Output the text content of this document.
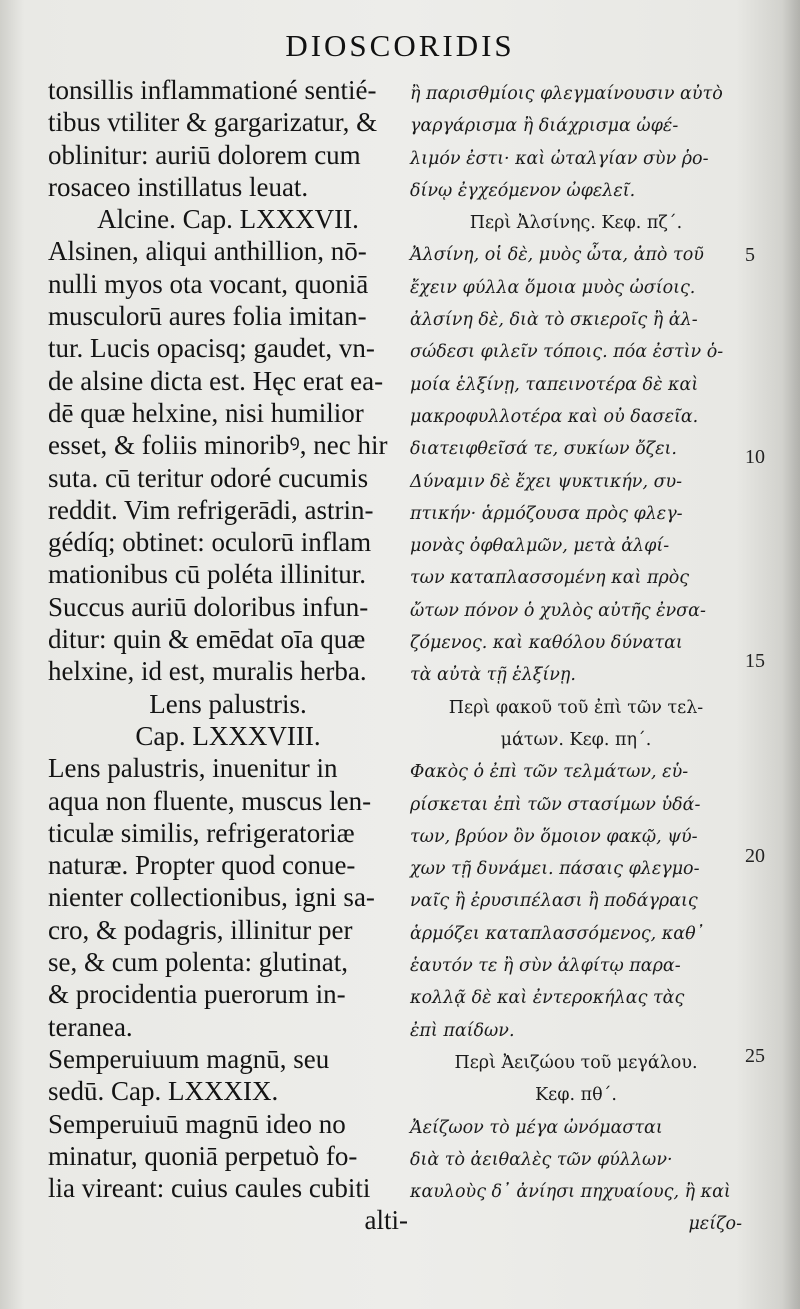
DIOSCORIDIS
tonsillis inflammationé sentié-
tibus vtiliter & gargarizatur, &
oblinitur: auriū dolorem cum
rosaceo instillatus leuat.
Alcine. Cap. LXXXVII.
Alsinen, aliqui anthillion, nō-
nulli myos ota vocant, quoniā
musculorū aures folia imitan-
tur. Lucis opacisq; gaudet, vn-
de alsine dicta est. Hęc erat ea-
dē quæ helxine, nisi humilior
esset, & foliis minoribꝰ, nec hir
suta. cū teritur odoré cucumis
reddit. Vim refrigerādi, astrin-
gédíq; obtinet: oculorū inflam
mationibus cū poléta illinitur.
Succus auriū doloribus infun-
ditur: quin & emēdat oīa quæ
helxine, id est, muralis herba.
Lens palustris.
Cap. LXXXVIII.
Lens palustris, inuenitur in
aqua non fluente, muscus len-
ticulæ similis, refrigeratoriæ
naturæ. Propter quod conue-
nienter collectionibus, igni sa-
cro, & podagris, illinitur per
se, & cum polenta: glutinat,
& procidentia puerorum in-
teranea.
Semperuiuum magnū, seu
sedū. Cap. LXXXIX.
Semperuiuū magnū ideo no
minatur, quoniā perpetuò fo-
lia vireant: cuius caules cubiti
alti-
ἢ παρισθμίοις φλεγμαίνουσιν αὐτὸ
γαργάρισμα ἢ διάχρισμα ὠφέ-
λιμόν ἐστι· καὶ ὠταλγίαν σὺν ῥο-
δίνῳ ἐγχεόμενον ὠφελεῖ.
Περὶ Ἀλσίνης. Κεφ. πζ΄.
Ἀλσίνη, οἱ δὲ, μυὸς ὦτα, ἀπὸ τοῦ
ἔχειν φύλλα ὅμοια μυὸς ὠσίοις.
ἀλσίνη δὲ, διὰ τὸ σκιεροῖς ἢ ἀλ-
σώδεσι φιλεῖν τόποις. πόα ἐστὶν ὁ-
μοία ἑλξίνῃ, ταπεινοτέρα δὲ καὶ
μακροφυλλοτέρα καὶ οὐ δασεῖα.
διατειφθεῖσά τε, συκίων ὄζει.
Δύναμιν δὲ ἔχει ψυκτικήν, συ-
πτικήν· ἁρμόζουσα πρὸς φλεγ-
μονὰς ὀφθαλμῶν, μετὰ ἀλφί-
των καταπλασσομένη καὶ πρὸς
ὤτων πόνον ὁ χυλὸς αὐτῆς ἐνσα-
ζόμενος. καὶ καθόλου δύναται
τὰ αὐτὰ τῇ ἑλξίνῃ.
Περὶ φακοῦ τοῦ ἐπὶ τῶν τελ-
μάτων. Κεφ. πη΄.
Φακὸς ὁ ἐπὶ τῶν τελμάτων, εὑ-
ρίσκεται ἐπὶ τῶν στασίμων ὑδά-
των, βρύον ὂν ὅμοιον φακῷ, ψύ-
χων τῇ δυνάμει. πάσαις φλεγμο-
ναῖς ἢ ἐρυσιπέλασι ἢ ποδάγραις
ἁρμόζει καταπλασσόμενος, καθ᾽
ἑαυτόν τε ἢ σὺν ἀλφίτῳ παρα-
κολλᾷ δὲ καὶ ἐντεροκήλας τὰς
ἐπὶ παίδων.
Περὶ Ἀειζώου τοῦ μεγάλου.
Κεφ. πθ΄.
Ἀείζωον τὸ μέγα ὠνόμασται
διὰ τὸ ἀειθαλὲς τῶν φύλλων·
καυλοὺς δ᾽ ἀνίησι πηχυαίους, ἢ καὶ
μείζο-
5
10
15
20
25
